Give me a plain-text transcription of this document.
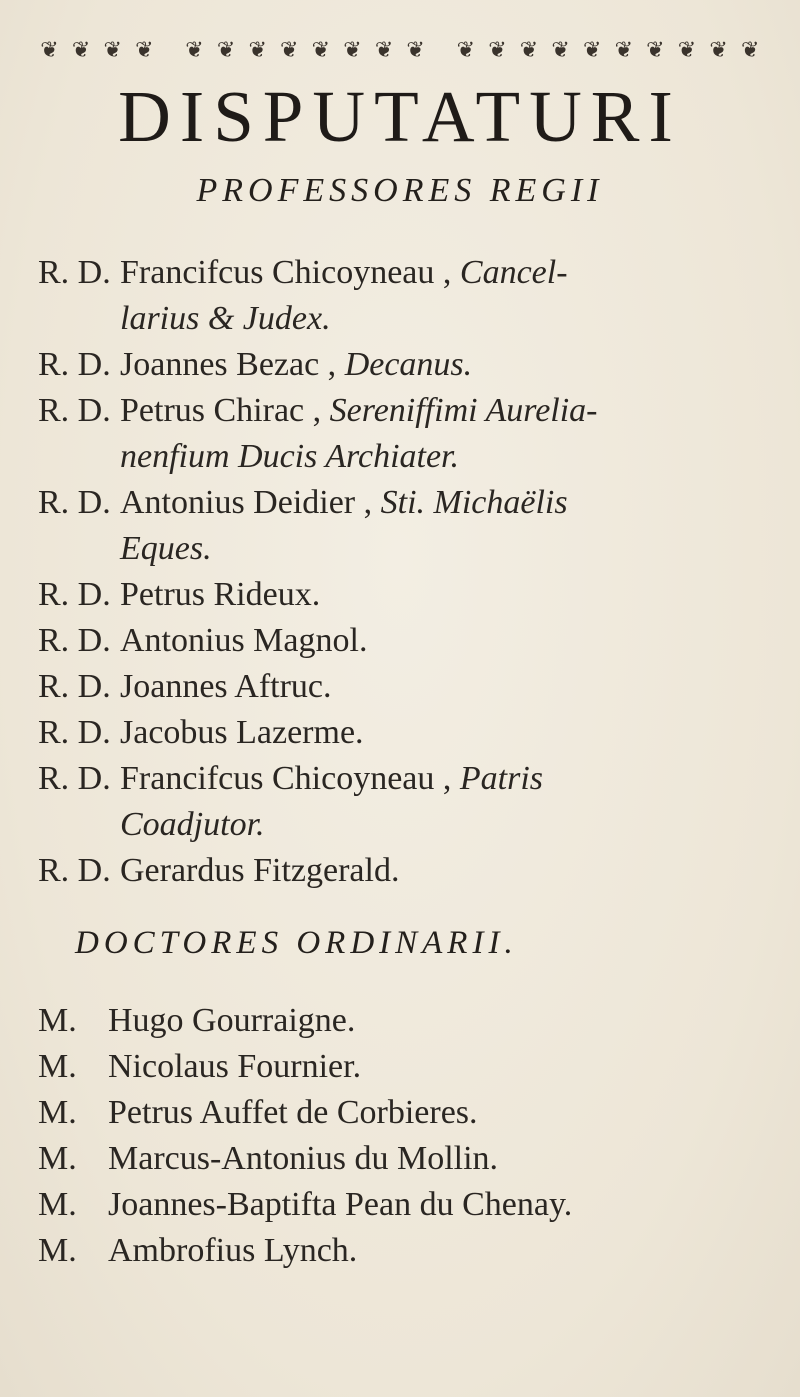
❦ ❦ ❦ ❦ ❦ ❦ ❦ ❦ ❦ ❦ ❦ ❦ ❦ ❦ ❦ ❦ ❦ ❦ ❦ ❦ ❦ ❦
DISPUTATURI
PROFESSORES REGII
R. D. Francifcus Chicoyneau , Cancel-
larius & Judex.
R. D. Joannes Bezac , Decanus.
R. D. Petrus Chirac , Sereniffimi Aurelia-
nenfium Ducis Archiater.
R. D. Antonius Deidier , Sti. Michaëlis
Eques.
R. D. Petrus Rideux.
R. D. Antonius Magnol.
R. D. Joannes Aftruc.
R. D. Jacobus Lazerme.
R. D. Francifcus Chicoyneau , Patris
Coadjutor.
R. D. Gerardus Fitzgerald.
DOCTORES ORDINARII.
M. Hugo Gourraigne.
M. Nicolaus Fournier.
M. Petrus Auffet de Corbieres.
M. Marcus-Antonius du Mollin.
M. Joannes-Baptifta Pean du Chenay.
M. Ambrofius Lynch.
